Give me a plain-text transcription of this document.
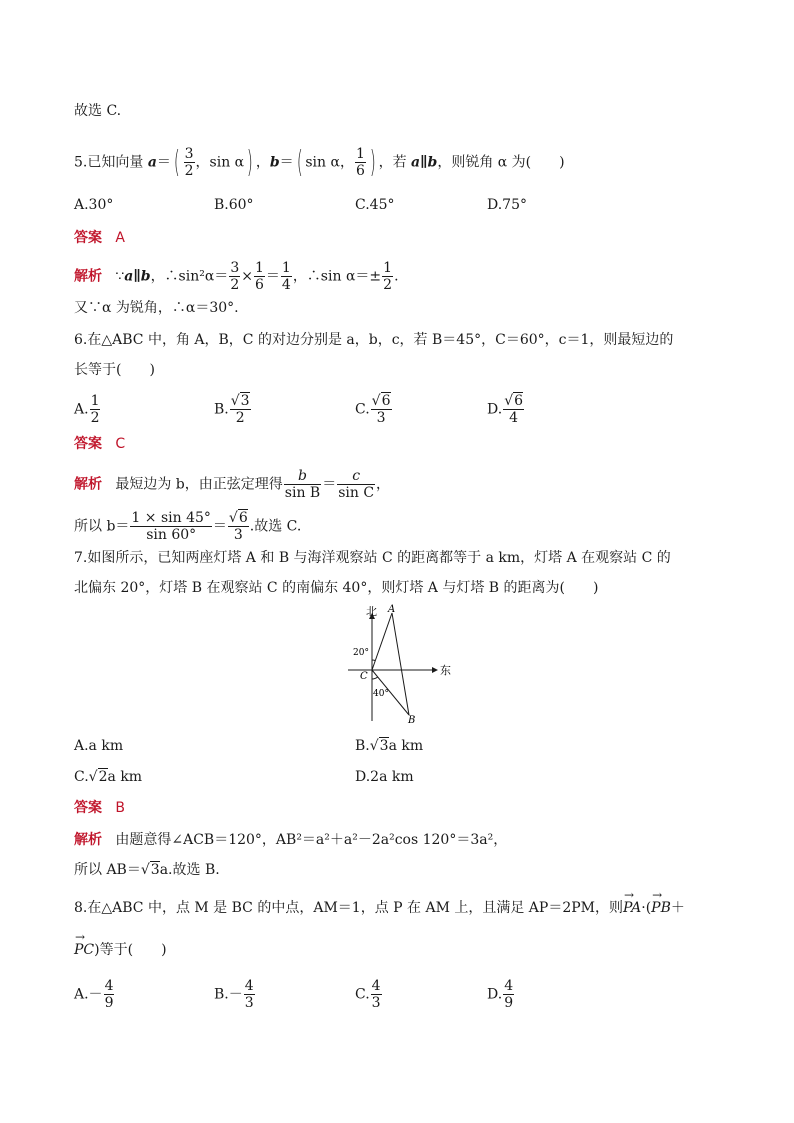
故选 C.
5.已知向量 $a=( \frac{3}{2}$ ，sin α) ，b＝( sin α， $\frac{1}{6}$ ) ，若 a∥b，则锐角 α 为(　　)
A.30°	B.60°	C.45°	D.75°
答案 A
解析 ∵a∥b，∴sin²α＝ $\frac{3}{2} \times \frac{1}{6} = \frac{1}{4}$ ，∴sin $\alpha=\pm \frac{1}{2}$ .
又∵α 为锐角，∴α＝30°.
6.在△ABC 中，角 A，B，C 的对边分别是 a，b，c，若 B＝45°，C＝60°，c＝1，则最短边的
长等于(　　)
A. $\frac{1}{2}$	B. $\frac{√3}{2}$	C. $\frac{√6}{3}$	D. $\frac{√6}{4}$
答案 C
解析 最短边为 b，由正弦定理得 $\frac{b}{\text{sin B}} = \frac{c}{\text{sin C}}$ ，
所以 $b= \frac{1 \times \sin 45^\circ}{\sin 60^\circ} = \frac{√6}{3}$ .故选 C.
7.如图所示，已知两座灯塔 A 和 B 与海洋观察站 C 的距离都等于 a km，灯塔 A 在观察站 C 的
北偏东 20°，灯塔 B 在观察站 C 的南偏东 40°，则灯塔 A 与灯塔 B 的距离为(　　)
北
东
A
B
C
20°
40°
A.a km	B.√3a km
C.√2a km	D.2a km
答案 B
解析 由题意得∠ACB＝120°，AB²＝a²＋a²－2a²cos 120°＝3a²，
所以 AB＝√3a.故选 B.
8.在△ABC 中，点 M 是 BC 的中点，AM＝1，点 P 在 AM 上，且满足 AP＝2PM，则→ PA·(→ PB＋
→ PC)等于(　　)
$A.- \frac{4}{9}$	$B.- \frac{4}{3}$	C. $\frac{4}{3}$	D. $\frac{4}{9}$
